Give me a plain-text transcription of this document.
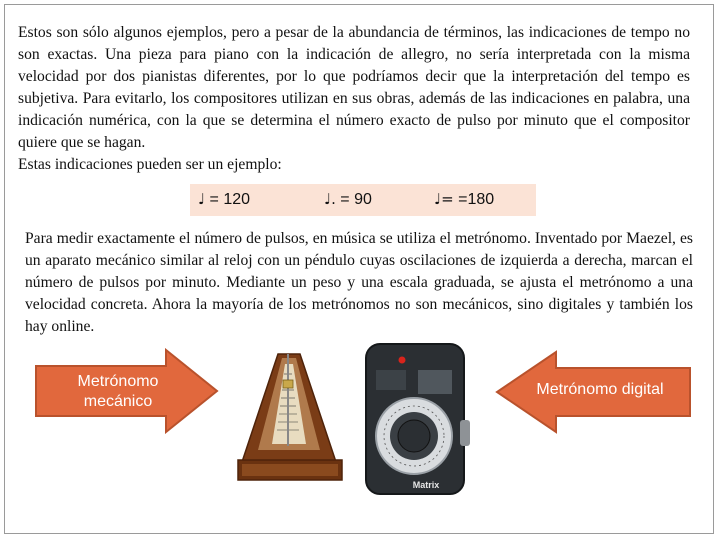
Estos son sólo algunos ejemplos, pero a pesar de la abundancia de términos, las indicaciones de tempo no son exactas. Una pieza para piano con la indicación de allegro, no sería interpretada con la misma velocidad por dos pianistas diferentes, por lo que podríamos decir que la interpretación del tempo es subjetiva. Para evitarlo, los compositores utilizan en sus obras, además de las indicaciones en palabra, una indicación numérica, con la que se determina el número exacto de pulso por minuto que el compositor quiere que se hagan.
Estas indicaciones pueden ser un ejemplo:

♩ = 120	♩. = 90	♩= =180

Para medir exactamente el número de pulsos, en música se utiliza el metrónomo. Inventado por Maezel, es un aparato mecánico similar al reloj con un péndulo cuyas oscilaciones de izquierda a derecha, marcan el número de pulsos por minuto. Mediante un peso y una escala graduada, se ajusta el metrónomo a una velocidad concreta. Ahora la mayoría de los metrónomos no son mecánicos, sino digitales y también los hay online.

Metrónomo mecánico
Metrónomo digital
Matrix
